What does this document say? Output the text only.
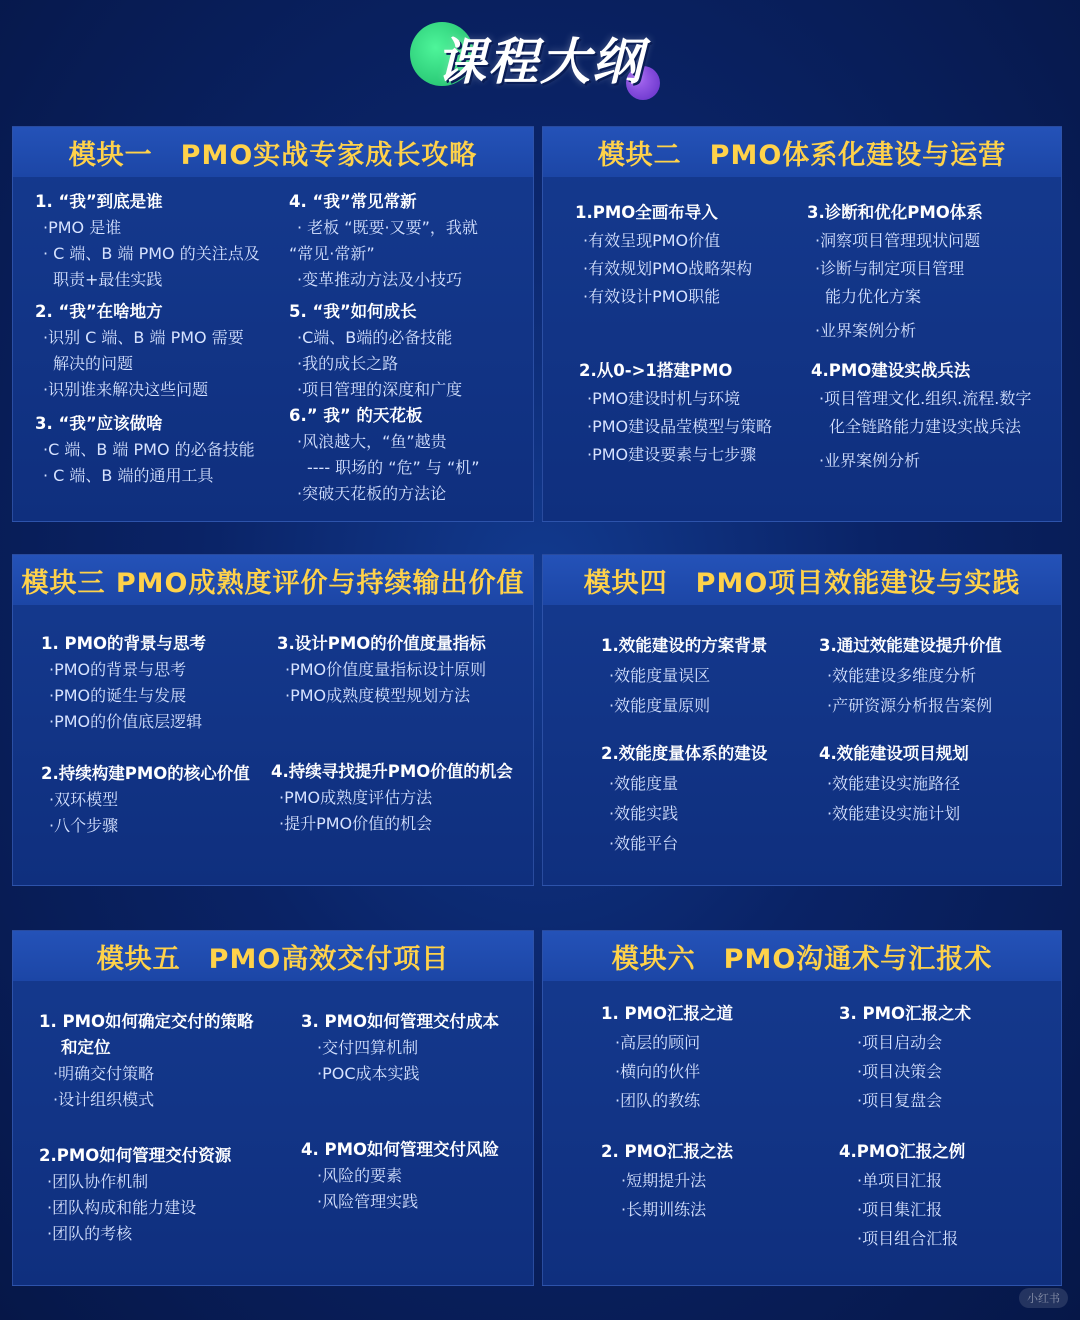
课程大纲
模块一　PMO实战专家成长攻略
1. “我”到底是谁
·PMO 是谁
· C 端、B 端 PMO 的关注点及
职责+最佳实践
2. “我”在啥地方
·识别 C 端、B 端 PMO 需要
解决的问题
·识别谁来解决这些问题
3. “我”应该做啥
·C 端、B 端 PMO 的必备技能
· C 端、B 端的通用工具
4. “我”常见常新
· 老板 “既要·又要”，我就
“常见·常新”
·变革推动方法及小技巧
5. “我”如何成长
·C端、B端的必备技能
·我的成长之路
·项目管理的深度和广度
6.” 我” 的天花板
·风浪越大，“鱼”越贵
---- 职场的 “危” 与 “机”
·突破天花板的方法论
模块二　PMO体系化建设与运营
1.PMO全画布导入
·有效呈现PMO价值
·有效规划PMO战略架构
·有效设计PMO职能
2.从0->1搭建PMO
·PMO建设时机与环境
·PMO建设晶莹模型与策略
·PMO建设要素与七步骤
3.诊断和优化PMO体系
·洞察项目管理现状问题
·诊断与制定项目管理
能力优化方案
·业界案例分析
4.PMO建设实战兵法
·项目管理文化.组织.流程.数字
化全链路能力建设实战兵法
·业界案例分析
模块三 PMO成熟度评价与持续输出价值
1. PMO的背景与思考
·PMO的背景与思考
·PMO的诞生与发展
·PMO的价值底层逻辑
2.持续构建PMO的核心价值
·双环模型
·八个步骤
3.设计PMO的价值度量指标
·PMO价值度量指标设计原则
·PMO成熟度模型规划方法
4.持续寻找提升PMO价值的机会
·PMO成熟度评估方法
·提升PMO价值的机会
模块四　PMO项目效能建设与实践
1.效能建设的方案背景
·效能度量误区
·效能度量原则
2.效能度量体系的建设
·效能度量
·效能实践
·效能平台
3.通过效能建设提升价值
·效能建设多维度分析
·产研资源分析报告案例
4.效能建设项目规划
·效能建设实施路径
·效能建设实施计划
模块五　PMO高效交付项目
1. PMO如何确定交付的策略
和定位
·明确交付策略
·设计组织模式
2.PMO如何管理交付资源
·团队协作机制
·团队构成和能力建设
·团队的考核
3. PMO如何管理交付成本
·交付四算机制
·POC成本实践
4. PMO如何管理交付风险
·风险的要素
·风险管理实践
模块六　PMO沟通术与汇报术
1. PMO汇报之道
·高层的顾问
·横向的伙伴
·团队的教练
2. PMO汇报之法
·短期提升法
·长期训练法
3. PMO汇报之术
·项目启动会
·项目决策会
·项目复盘会
4.PMO汇报之例
·单项目汇报
·项目集汇报
·项目组合汇报
小红书
